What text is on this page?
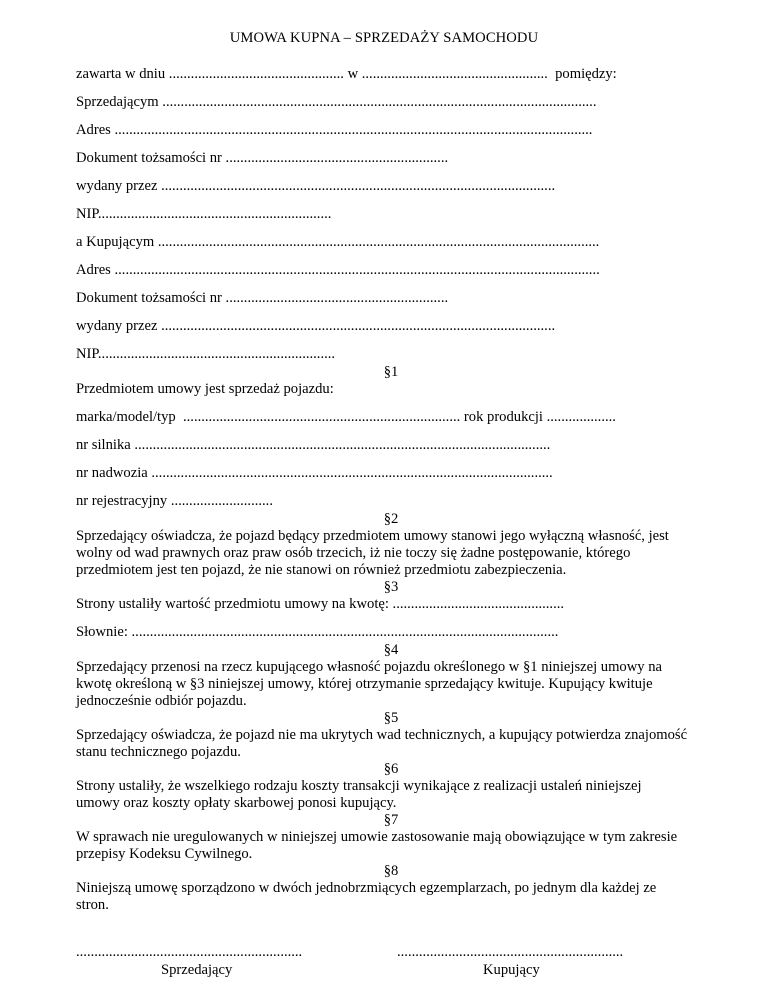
UMOWA KUPNA – SPRZEDAŻY SAMOCHODU
zawarta w dniu ................................................ w ...................................................  pomiędzy:
Sprzedającym .......................................................................................................................
Adres ...................................................................................................................................
Dokument tożsamości nr .............................................................
wydany przez ............................................................................................................
NIP................................................................
a Kupującym .........................................................................................................................
Adres .....................................................................................................................................
Dokument tożsamości nr .............................................................
wydany przez ............................................................................................................
NIP.................................................................
§1
Przedmiotem umowy jest sprzedaż pojazdu:
marka/model/typ  ............................................................................ rok produkcji ...................
nr silnika ..................................................................................................................
nr nadwozia ..............................................................................................................
nr rejestracyjny ............................
§2
Sprzedający oświadcza, że pojazd będący przedmiotem umowy stanowi jego wyłączną własność, jest wolny od wad prawnych oraz praw osób trzecich, iż nie toczy się żadne postępowanie, którego przedmiotem jest ten pojazd, że nie stanowi on również przedmiotu zabezpieczenia.
§3
Strony ustaliły wartość przedmiotu umowy na kwotę: ...............................................
Słownie: .....................................................................................................................
§4
Sprzedający przenosi na rzecz kupującego własność pojazdu określonego w §1 niniejszej umowy na kwotę określoną w §3 niniejszej umowy, której otrzymanie sprzedający kwituje. Kupujący kwituje jednocześnie odbiór pojazdu.
§5
Sprzedający oświadcza, że pojazd nie ma ukrytych wad technicznych, a kupujący potwierdza znajomość stanu technicznego pojazdu.
§6
Strony ustaliły, że wszelkiego rodzaju koszty transakcji wynikające z realizacji ustaleń niniejszej umowy oraz koszty opłaty skarbowej ponosi kupujący.
§7
W sprawach nie uregulowanych w niniejszej umowie zastosowanie mają obowiązujące w tym zakresie przepisy Kodeksu Cywilnego.
§8
Niniejszą umowę sporządzono w dwóch jednobrzmiących egzemplarzach, po jednym dla każdej ze stron.
..............................................................	..............................................................
Sprzedający	Kupujący
